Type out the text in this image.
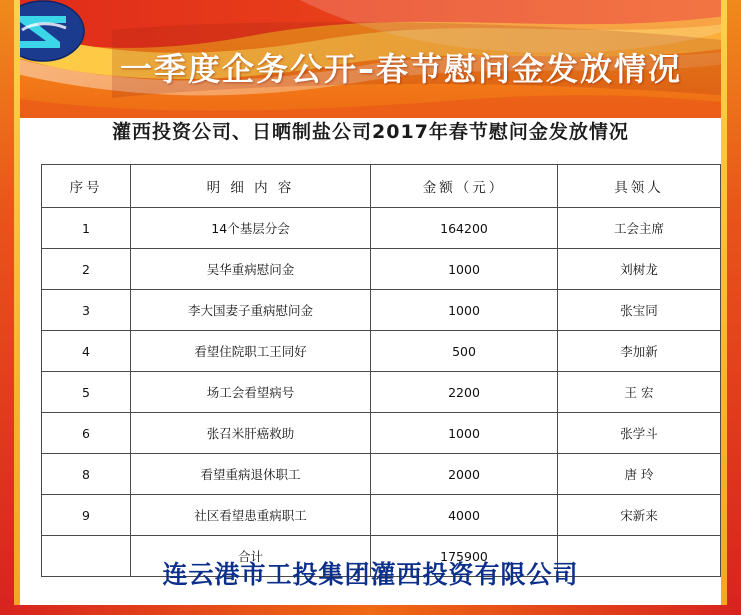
一季度企务公开–春节慰问金发放情况
灌西投资公司、日晒制盐公司2017年春节慰问金发放情况
序号	明 细 内 容	金额（元）	具领人
1	14个基层分会	164200	工会主席
2	吴华重病慰问金	1000	刘树龙
3	李大国妻子重病慰问金	1000	张宝同
4	看望住院职工王同好	500	李加新
5	场工会看望病号	2200	王 宏
6	张召米肝癌救助	1000	张学斗
8	看望重病退休职工	2000	唐 玲
9	社区看望患重病职工	4000	宋新来
	合计	175900	
连云港市工投集团灌西投资有限公司
